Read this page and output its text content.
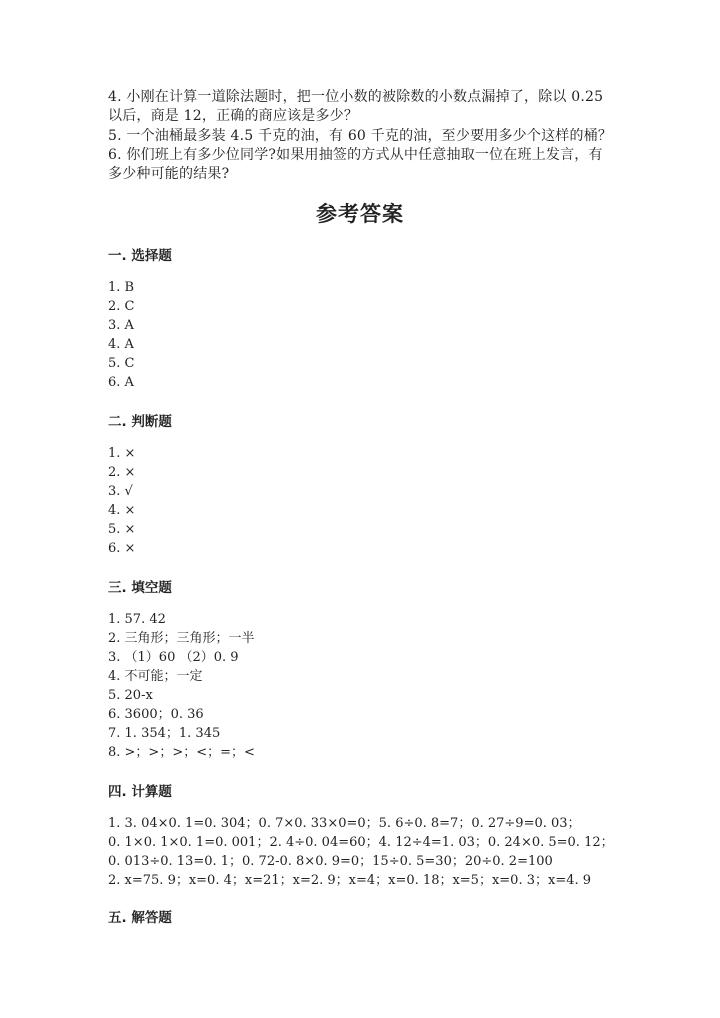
4. 小刚在计算一道除法题时，把一位小数的被除数的小数点漏掉了，除以 0.25
以后，商是 12，正确的商应该是多少？
5. 一个油桶最多装 4.5 千克的油，有 60 千克的油，至少要用多少个这样的桶？
6. 你们班上有多少位同学?如果用抽签的方式从中任意抽取一位在班上发言，有
多少种可能的结果?
参考答案
一. 选择题
1. B
2. C
3. A
4. A
5. C
6. A
二. 判断题
1. ×
2. ×
3. √
4. ×
5. ×
6. ×
三. 填空题
1. 57. 42
2. 三角形；三角形；一半
3. （1）60 （2）0. 9
4. 不可能；一定
5. 20-x
6. 3600；0. 36
7. 1. 354；1. 345
8. >；>；>；<；=；<
四. 计算题
1. 3. 04×0. 1=0. 304；0. 7×0. 33×0=0；5. 6÷0. 8=7；0. 27÷9=0. 03；
0. 1×0. 1×0. 1=0. 001；2. 4÷0. 04=60；4. 12÷4=1. 03；0. 24×0. 5=0. 12；
0. 013÷0. 13=0. 1；0. 72-0. 8×0. 9=0；15÷0. 5=30；20÷0. 2=100
2. x=75. 9；x=0. 4；x=21；x=2. 9；x=4；x=0. 18；x=5；x=0. 3；x=4. 9
五. 解答题
